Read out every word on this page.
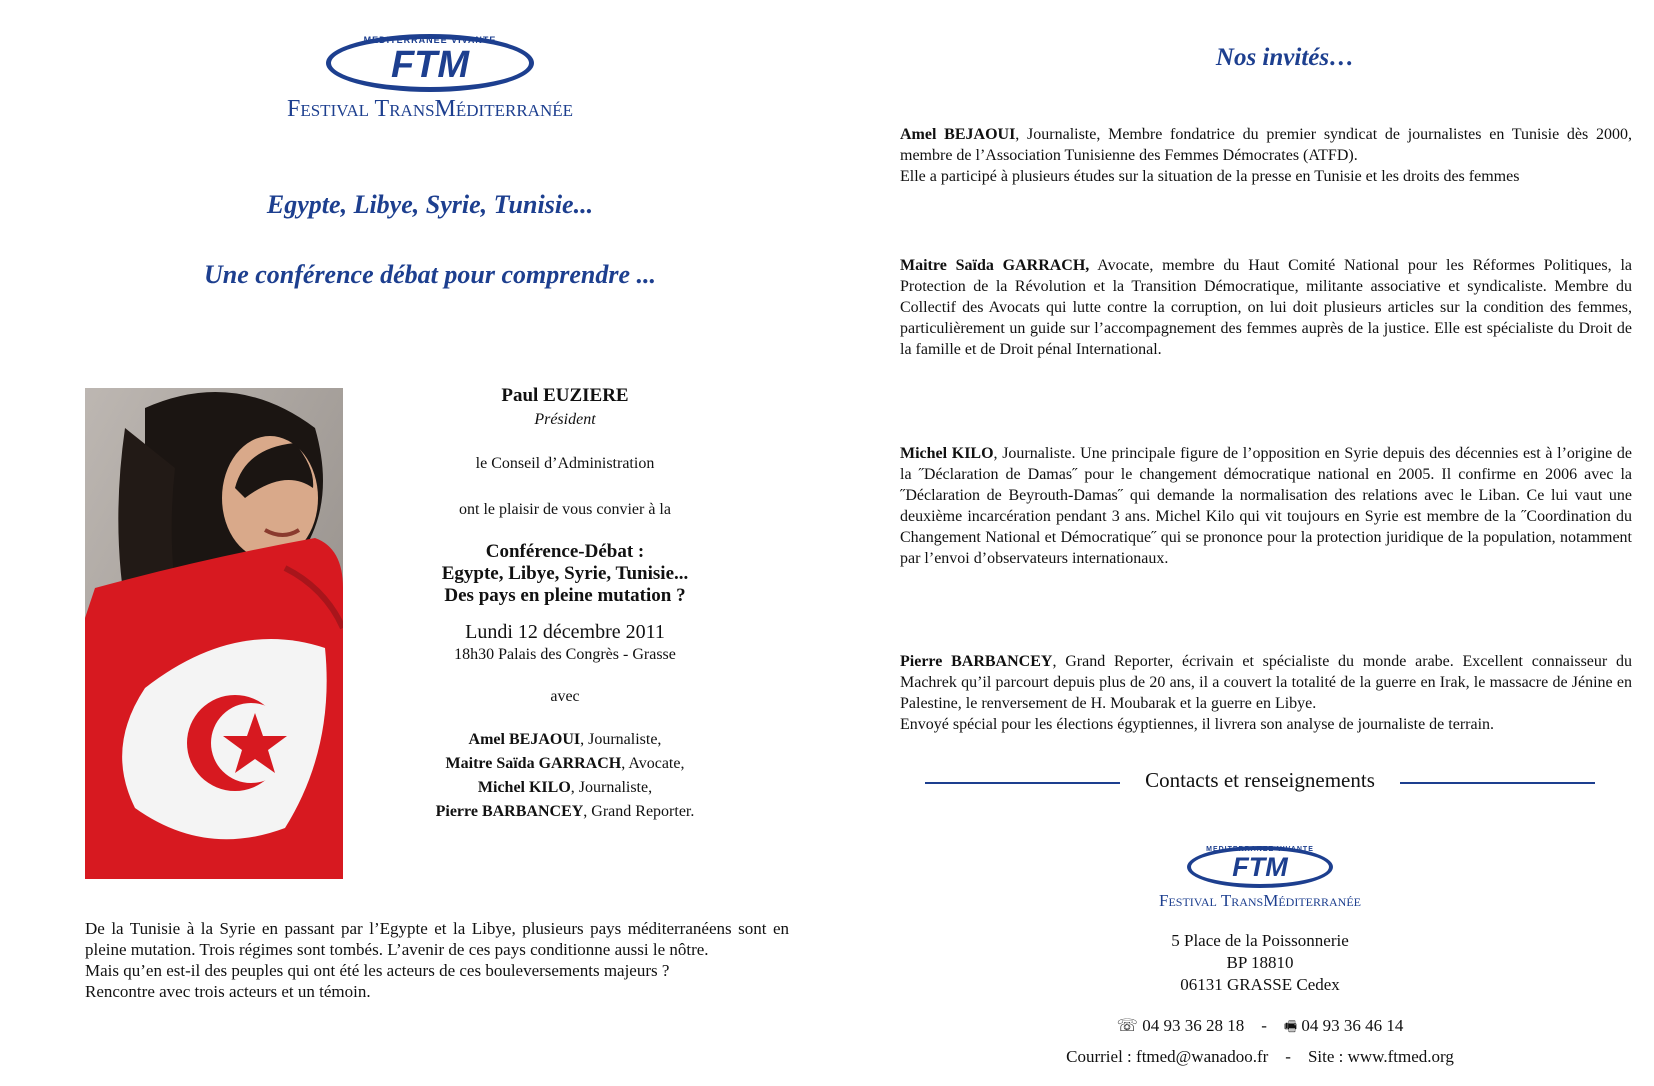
MEDITERRANEE VIVANTE
FTM
Festival TransMéditerranée
Egypte, Libye, Syrie, Tunisie...
Une conférence débat pour comprendre ...
Paul EUZIERE
Président
le Conseil d’Administration
ont le plaisir de vous convier à la
Conférence-Débat :
Egypte, Libye, Syrie, Tunisie...
Des pays en pleine mutation ?
Lundi 12 décembre 2011
18h30 Palais des Congrès - Grasse
avec
Amel BEJAOUI, Journaliste,
Maitre Saïda GARRACH, Avocate,
Michel KILO, Journaliste,
Pierre BARBANCEY, Grand Reporter.
De la Tunisie à la Syrie en passant par l’Egypte et la Libye, plusieurs pays méditerranéens sont en pleine mutation. Trois régimes sont tombés. L’avenir de ces pays conditionne aussi le nôtre.
Mais qu’en est-il des peuples qui ont été les acteurs de ces bouleversements majeurs ?
Rencontre avec trois acteurs et un témoin.
Nos invités…
Amel BEJAOUI, Journaliste, Membre fondatrice du premier syndicat de journalistes en Tunisie dès 2000, membre de l’Association Tunisienne des Femmes Démocrates (ATFD).
Elle a participé à plusieurs études sur la situation de la presse en Tunisie et les droits des femmes
Maitre Saïda GARRACH, Avocate, membre du Haut Comité National pour les Réformes Politiques, la Protection de la Révolution et la Transition Démocratique, militante associative et syndicaliste. Membre du Collectif des Avocats qui lutte contre la corruption, on lui doit plusieurs articles sur la condition des femmes, particulièrement un guide sur l’accompagnement des femmes auprès de la justice. Elle est spécialiste du Droit de la famille et de Droit pénal International.
Michel KILO, Journaliste. Une principale figure de l’opposition en Syrie depuis des décennies est à l’origine de la ˝Déclaration de Damas˝ pour le changement démocratique national en 2005. Il confirme en 2006 avec la ˝Déclaration de Beyrouth-Damas˝ qui demande la normalisation des relations avec le Liban. Ce lui vaut une deuxième incarcération pendant 3 ans. Michel Kilo qui vit toujours en Syrie est membre de la ˝Coordination du Changement National et Démocratique˝ qui se prononce pour la protection juridique de la population, notamment par l’envoi d’observateurs internationaux.
Pierre BARBANCEY, Grand Reporter, écrivain et spécialiste du monde arabe. Excellent connaisseur du Machrek qu’il parcourt depuis plus de 20 ans, il a couvert la totalité de la guerre en Irak, le massacre de Jénine en Palestine, le renversement de H. Moubarak et la guerre en Libye.
Envoyé spécial pour les élections égyptiennes, il livrera son analyse de journaliste de terrain.
Contacts et renseignements
MEDITERRANEE VIVANTE
FTM
Festival TransMéditerranée
5 Place de la Poissonnerie
BP 18810
06131 GRASSE Cedex
☏ 04 93 36 28 18 - 🖷 04 93 36 46 14
Courriel : ftmed@wanadoo.fr - Site : www.ftmed.org
